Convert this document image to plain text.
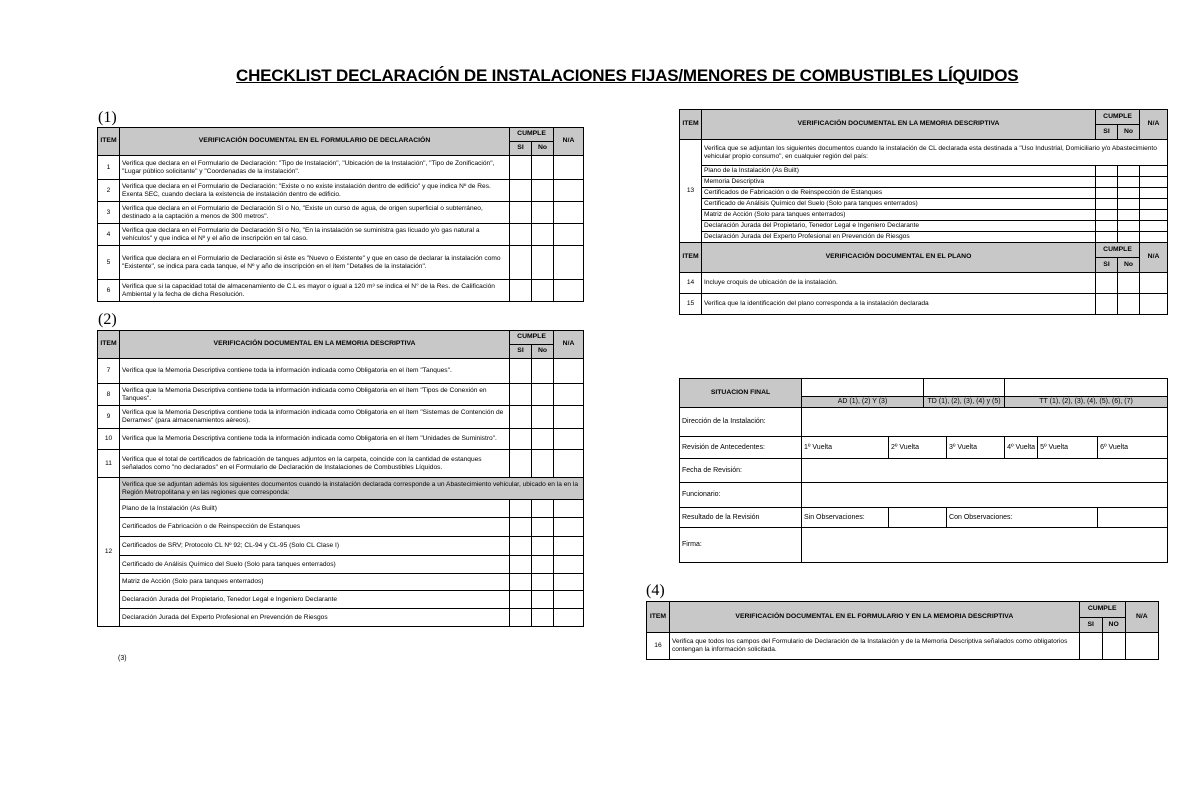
CHECKLIST DECLARACIÓN DE INSTALACIONES FIJAS/MENORES DE COMBUSTIBLES LÍQUIDOS
(1)
(2)
(4)
(3)
ITEM	VERIFICACIÓN DOCUMENTAL EN EL FORMULARIO DE DECLARACIÓN	CUMPLE		N/A
		SI	No	
1	Verifica que declara en el Formulario de Declaración: "Tipo de Instalación", "Ubicación de la Instalación", "Tipo de Zonificación", "Lugar público solicitante" y "Coordenadas de la instalación".			
2	Verifica que declara en el Formulario de Declaración: "Existe o no existe instalación dentro de edificio" y que indica Nº de Res. Exenta SEC, cuando declara la existencia de instalación dentro de edificio.			
3	Verifica que declara en el Formulario de Declaración Sí o No, "Existe un curso de agua, de origen superficial o subterráneo, destinado a la captación a menos de 300 metros".			
4	Verifica que declara en el Formulario de Declaración Sí o No, "En la instalación se suministra gas licuado y/o gas natural a vehículos" y que indica el Nº y el año de inscripción en tal caso.			
5	Verifica que declara en el Formulario de Declaración si éste es "Nuevo o Existente" y que en caso de declarar la instalación como "Existente", se indica para cada tanque, el Nº y año de inscripción en el ítem "Detalles de la instalación".			
6	Verifica que si la capacidad total de almacenamiento de C.L es mayor o igual a 120 m³ se indica el N° de la Res. de Calificación Ambiental y la fecha de dicha Resolución.			
ITEM	VERIFICACIÓN DOCUMENTAL EN LA MEMORIA DESCRIPTIVA	CUMPLE		N/A
		SI	No	
7	Verifica que la Memoria Descriptiva contiene toda la información indicada como Obligatoria en el ítem "Tanques".			
8	Verifica que la Memoria Descriptiva contiene toda la información indicada como Obligatoria en el ítem "Tipos de Conexión en Tanques".			
9	Verifica que la Memoria Descriptiva contiene toda la información indicada como Obligatoria en el ítem "Sistemas de Contención de Derrames" (para almacenamientos aéreos).			
10	Verifica que la Memoria Descriptiva contiene toda la información indicada como Obligatoria en el ítem "Unidades de Suministro".			
11	Verifica que el total de certificados de fabricación de tanques adjuntos en la carpeta, coincide con la cantidad de estanques señalados como "no declarados" en el Formulario de Declaración de Instalaciones de Combustibles Líquidos.			
12	Verifica que se adjuntan además los siguientes documentos cuando la instalación declarada corresponde a un Abastecimiento vehicular, ubicado en la en la Región Metropolitana y en las regiones que corresponda:			
	Plano de la Instalación (As Built)			
	Certificados de Fabricación o de Reinspección de Estanques			
	Certificados de SRV; Protocolo CL Nº 92; CL-94 y CL-95 (Solo CL Clase I)			
	Certificado de Análisis Químico del Suelo (Solo para tanques enterrados)			
	Matriz de Acción (Solo para tanques enterrados)			
	Declaración Jurada del Propietario, Tenedor Legal e Ingeniero Declarante			
	Declaración Jurada del Experto Profesional en Prevención de Riesgos			
ITEM	VERIFICACIÓN DOCUMENTAL EN LA MEMORIA DESCRIPTIVA	CUMPLE		N/A
		SI	No	
13	Verifica que se adjuntan los siguientes documentos cuando la instalación de CL declarada esta destinada a "Uso Industrial, Domiciliario y/o Abastecimiento vehicular propio consumo", en cualquier región del país:			
	Plano de la Instalación (As Built)			
	Memoria Descriptiva			
	Certificados de Fabricación o de Reinspección de Estanques			
	Certificado de Análisis Químico del Suelo (Solo para tanques enterrados)			
	Matriz de Acción (Solo para tanques enterrados)			
	Declaración Jurada del Propietario, Tenedor Legal e Ingeniero Declarante			
	Declaración Jurada del Experto Profesional en Prevención de Riesgos			
ITEM	VERIFICACIÓN DOCUMENTAL EN EL PLANO	CUMPLE		N/A
		SI	No	
14	Incluye croquis de ubicación de la instalación.			
15	Verifica que la identificación del plano corresponda a la instalación declarada			
SITUACION FINAL							
	AD (1), (2) Y (3)		TD (1), (2), (3), (4) y (5)		TT (1), (2), (3), (4), (5), (6), (7)		
Dirección de la Instalación:							
Revisión de Antecedentes:	1º Vuelta	2º Vuelta		3º Vuelta	4º Vuelta	5º Vuelta	6º Vuelta
Fecha de Revisión:							
Funcionario:							
Resultado de la Revisión	Sin Observaciones:			Con Observaciones:			
Firma:							
ITEM	VERIFICACIÓN DOCUMENTAL EN EL FORMULARIO Y EN LA MEMORIA DESCRIPTIVA	CUMPLE		N/A
		SI	NO	
16	Verifica que todos los campos del Formulario de Declaración de la Instalación y de la Memoria Descriptiva señalados como obligatorios contengan la información solicitada.			
